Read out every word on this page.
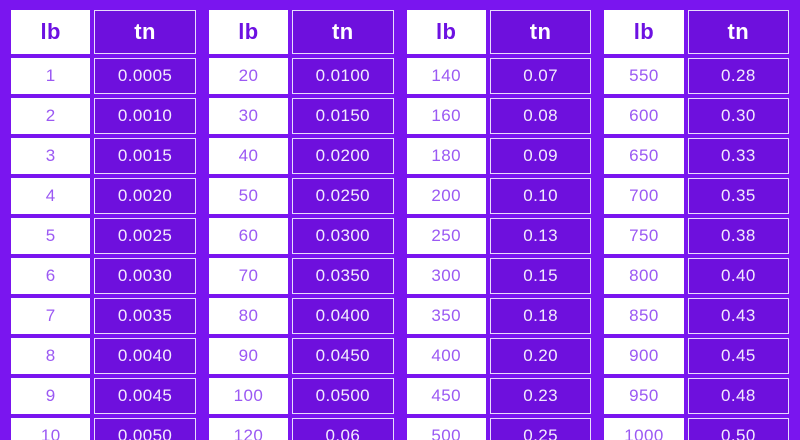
lb	tn
1	0.0005
2	0.0010
3	0.0015
4	0.0020
5	0.0025
6	0.0030
7	0.0035
8	0.0040
9	0.0045
10	0.0050
lb	tn
20	0.0100
30	0.0150
40	0.0200
50	0.0250
60	0.0300
70	0.0350
80	0.0400
90	0.0450
100	0.0500
120	0.06
lb	tn
140	0.07
160	0.08
180	0.09
200	0.10
250	0.13
300	0.15
350	0.18
400	0.20
450	0.23
500	0.25
lb	tn
550	0.28
600	0.30
650	0.33
700	0.35
750	0.38
800	0.40
850	0.43
900	0.45
950	0.48
1000	0.50
